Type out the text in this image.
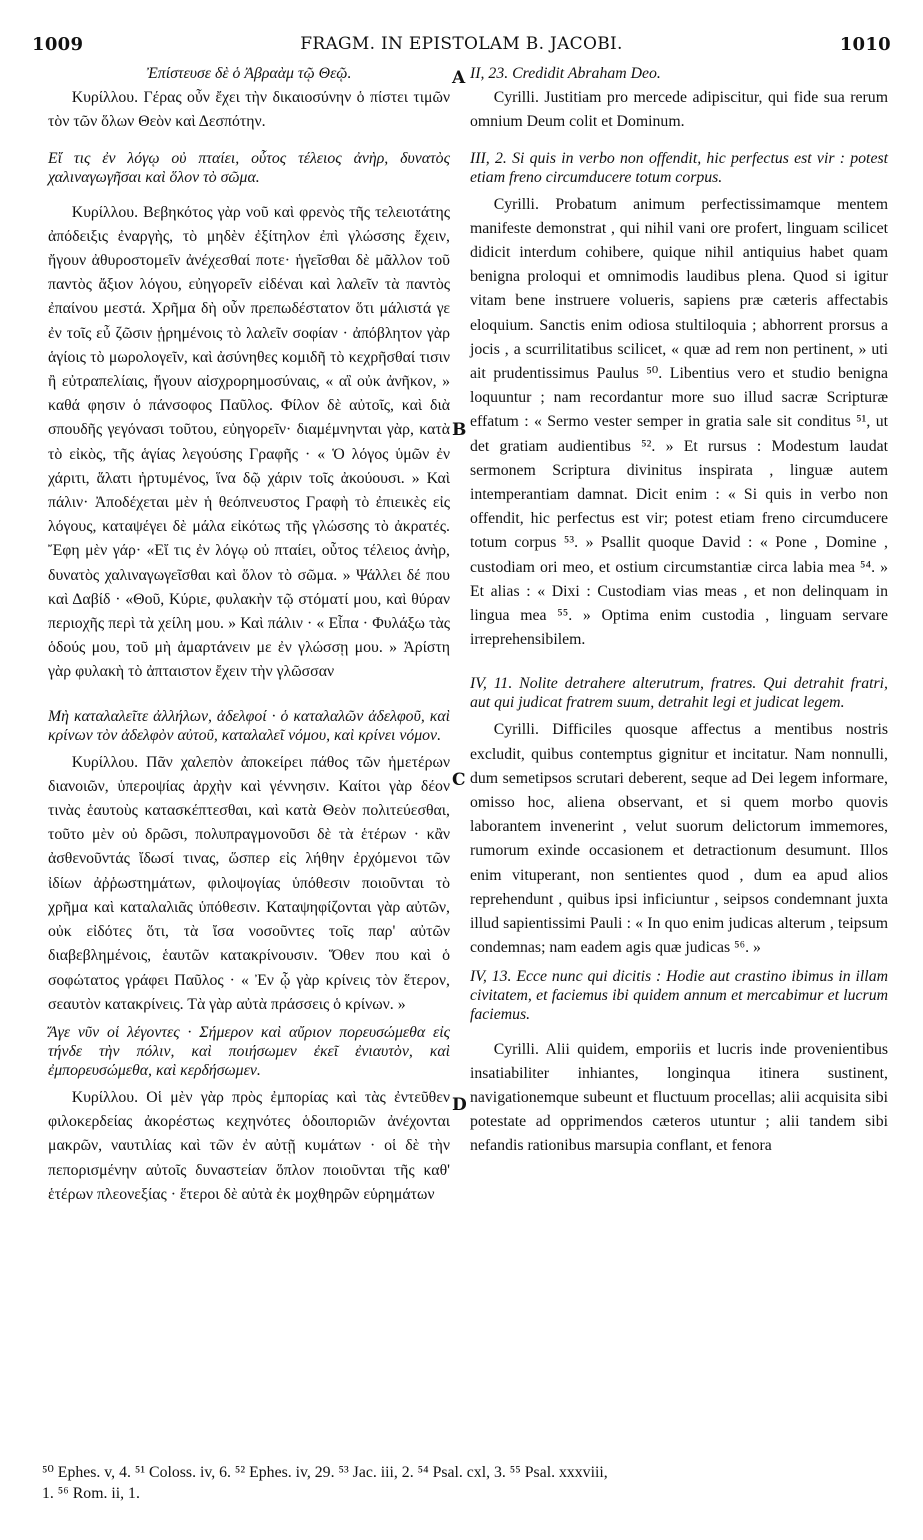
1009	FRAGM. IN EPISTOLAM B. JACOBI.	1010
A
B
C
D

Ἐπίστευσε δὲ ὁ Ἀβραὰμ τῷ Θεῷ.

Κυρίλλου. Γέρας οὖν ἔχει τὴν δικαιοσύνην ὁ πίστει τιμῶν τὸν τῶν ὅλων Θεὸν καὶ Δεσπότην.

Εἴ τις ἐν λόγῳ οὐ πταίει, οὗτος τέλειος ἀνὴρ, δυνατὸς χαλιναγωγῆσαι καὶ ὅλον τὸ σῶμα.

Κυρίλλου. Βεβηκότος γὰρ νοῦ καὶ φρενὸς τῆς τελειοτάτης ἀπόδειξις ἐναργὴς, τὸ μηδὲν ἐξίτηλον ἐπὶ γλώσσης ἔχειν, ἤγουν ἀθυροστομεῖν ἀνέχεσθαί ποτε· ἡγεῖσθαι δὲ μᾶλλον τοῦ παντὸς ἄξιον λόγου, εὐηγορεῖν εἰδέναι καὶ λαλεῖν τὰ παντὸς ἐπαίνου μεστά. Χρῆμα δὴ οὖν πρεπωδέστατον ὅτι μάλιστά γε ἐν τοῖς εὖ ζῶσιν ᾑρημένοις τὸ λαλεῖν σοφίαν · ἀπόβλητον γὰρ ἁγίοις τὸ μωρολογεῖν, καὶ ἀσύνηθες κομιδῆ τὸ κεχρῆσθαί τισιν ἢ εὐτραπελίαις, ἤγουν αἰσχρορημοσύναις, « αἳ οὐκ ἀνῆκον, » καθά φησιν ὁ πάνσοφος Παῦλος. Φίλον δὲ αὐτοῖς, καὶ διὰ σπουδῆς γεγόνασι τοῦτου, εὐηγορεῖν· διαμέμνηνται γὰρ, κατὰ τὸ εἰκὸς, τῆς ἁγίας λεγούσης Γραφῆς · « Ὁ λόγος ὑμῶν ἐν χάριτι, ἅλατι ἠρτυμένος, ἵνα δῷ χάριν τοῖς ἀκούουσι. » Καὶ πάλιν· Ἀποδέχεται μὲν ἡ θεόπνευστος Γραφὴ τὸ ἐπιεικὲς εἰς λόγους, καταψέγει δὲ μάλα εἰκότως τῆς γλώσσης τὸ ἀκρατές. Ἔφη μὲν γάρ· «Εἴ τις ἐν λόγῳ οὐ πταίει, οὗτος τέλειος ἀνὴρ, δυνατὸς χαλιναγωγεῖσθαι καὶ ὅλον τὸ σῶμα. » Ψάλλει δέ που καὶ Δαβίδ · «Θοῦ, Κύριε, φυλακὴν τῷ στόματί μου, καὶ θύραν περιοχῆς περὶ τὰ χείλη μου. » Καὶ πάλιν · « Εἶπα · Φυλάξω τὰς ὁδούς μου, τοῦ μὴ ἁμαρτάνειν με ἐν γλώσσῃ μου. » Ἀρίστη γὰρ φυλακὴ τὸ ἀπταιστον ἔχειν τὴν γλῶσσαν

Μὴ καταλαλεῖτε ἀλλήλων, ἀδελφοί · ὁ καταλαλῶν ἀδελφοῦ, καὶ κρίνων τὸν ἀδελφὸν αὐτοῦ, καταλαλεῖ νόμου, καὶ κρίνει νόμον.

Κυρίλλου. Πᾶν χαλεπὸν ἀποκείρει πάθος τῶν ἡμετέρων διανοιῶν, ὑπεροψίας ἀρχὴν καὶ γέννησιν. Καίτοι γὰρ δέον τινὰς ἑαυτοὺς κατασκέπτεσθαι, καὶ κατὰ Θεὸν πολιτεύεσθαι, τοῦτο μὲν οὐ δρῶσι, πολυπραγμονοῦσι δὲ τὰ ἑτέρων · κἂν ἀσθενοῦντάς ἴδωσί τινας, ὥσπερ εἰς λήθην ἐρχόμενοι τῶν ἰδίων ἀῤῥωστημάτων, φιλοψογίας ὑπόθεσιν ποιοῦνται τὸ χρῆμα καὶ καταλαλιᾶς ὑπόθεσιν. Καταψηφίζονται γὰρ αὐτῶν, οὐκ εἰδότες ὅτι, τὰ ἴσα νοσοῦντες τοῖς παρ' αὐτῶν διαβεβλημένοις, ἑαυτῶν κατακρίνουσιν. Ὅθεν που καὶ ὁ σοφώτατος γράφει Παῦλος · « Ἐν ᾧ γὰρ κρίνεις τὸν ἕτερον, σεαυτὸν κατακρίνεις. Τὰ γὰρ αὐτὰ πράσσεις ὁ κρίνων. »

Ἄγε νῦν οἱ λέγοντες · Σήμερον καὶ αὔριον πορευσώμεθα εἰς τήνδε τὴν πόλιν, καὶ ποιήσωμεν ἐκεῖ ἐνιαυτὸν, καὶ ἐμπορευσώμεθα, καὶ κερδήσωμεν.

Κυρίλλου. Οἱ μὲν γὰρ πρὸς ἐμπορίας καὶ τὰς ἐντεῦθεν φιλοκερδείας ἀκορέστως κεχηνότες ὁδοιποριῶν ἀνέχονται μακρῶν, ναυτιλίας καὶ τῶν ἐν αὐτῇ κυμάτων · οἱ δὲ τὴν πεπορισμένην αὐτοῖς δυναστείαν ὅπλον ποιοῦνται τῆς καθ' ἑτέρων πλεονεξίας · ἕτεροι δὲ αὐτὰ ἐκ μοχθηρῶν εὑρημάτων

II, 23. Credidit Abraham Deo.

Cyrilli. Justitiam pro mercede adipiscitur, qui fide sua rerum omnium Deum colit et Dominum.

III, 2. Si quis in verbo non offendit, hic perfectus est vir : potest etiam freno circumducere totum corpus.

Cyrilli. Probatum animum perfectissimamque mentem manifeste demonstrat , qui nihil vani ore profert, linguam scilicet didicit interdum cohibere, quique nihil antiquius habet quam benigna proloqui et omnimodis laudibus plena. Quod si igitur vitam bene instruere volueris, sapiens præ cæteris affectabis eloquium. Sanctis enim odiosa stultiloquia ; abhorrent prorsus a jocis , a scurrilitatibus scilicet, « quæ ad rem non pertinent, » uti ait prudentissimus Paulus ⁵⁰. Libentius vero et studio benigna loquuntur ; nam recordantur more suo illud sacræ Scripturæ effatum : « Sermo vester semper in gratia sale sit conditus ⁵¹, ut det gratiam audientibus ⁵². » Et rursus : Modestum laudat sermonem Scriptura divinitus inspirata , linguæ autem intemperantiam damnat. Dicit enim : « Si quis in verbo non offendit, hic perfectus est vir; potest etiam freno circumducere totum corpus ⁵³. » Psallit quoque David : « Pone , Domine , custodiam ori meo, et ostium circumstantiæ circa labia mea ⁵⁴. » Et alias : « Dixi : Custodiam vias meas , et non delinquam in lingua mea ⁵⁵. » Optima enim custodia , linguam servare irreprehensibilem.

IV, 11. Nolite detrahere alterutrum, fratres. Qui detrahit fratri, aut qui judicat fratrem suum, detrahit legi et judicat legem.

Cyrilli. Difficiles quosque affectus a mentibus nostris excludit, quibus contemptus gignitur et incitatur. Nam nonnulli, dum semetipsos scrutari deberent, seque ad Dei legem informare, omisso hoc, aliena observant, et si quem morbo quovis laborantem invenerint , velut suorum delictorum immemores, rumorum exinde occasionem et detractionum desumunt. Illos enim vituperant, non sentientes quod , dum ea apud alios reprehendunt , quibus ipsi inficiuntur , seipsos condemnant juxta illud sapientissimi Pauli : « In quo enim judicas alterum , teipsum condemnas; nam eadem agis quæ judicas ⁵⁶. »

IV, 13. Ecce nunc qui dicitis : Hodie aut crastino ibimus in illam civitatem, et faciemus ibi quidem annum et mercabimur et lucrum faciemus.

Cyrilli. Alii quidem, emporiis et lucris inde provenientibus insatiabiliter inhiantes, longinqua itinera sustinent, navigationemque subeunt et fluctuum procellas; alii acquisita sibi potestate ad opprimendos cæteros utuntur ; alii tandem sibi nefandis rationibus marsupia conflant, et fenora

⁵⁰ Ephes. v, 4. ⁵¹ Coloss. iv, 6. ⁵² Ephes. iv, 29. ⁵³ Jac. iii, 2. ⁵⁴ Psal. cxl, 3. ⁵⁵ Psal. xxxviii,
1. ⁵⁶ Rom. ii, 1.
